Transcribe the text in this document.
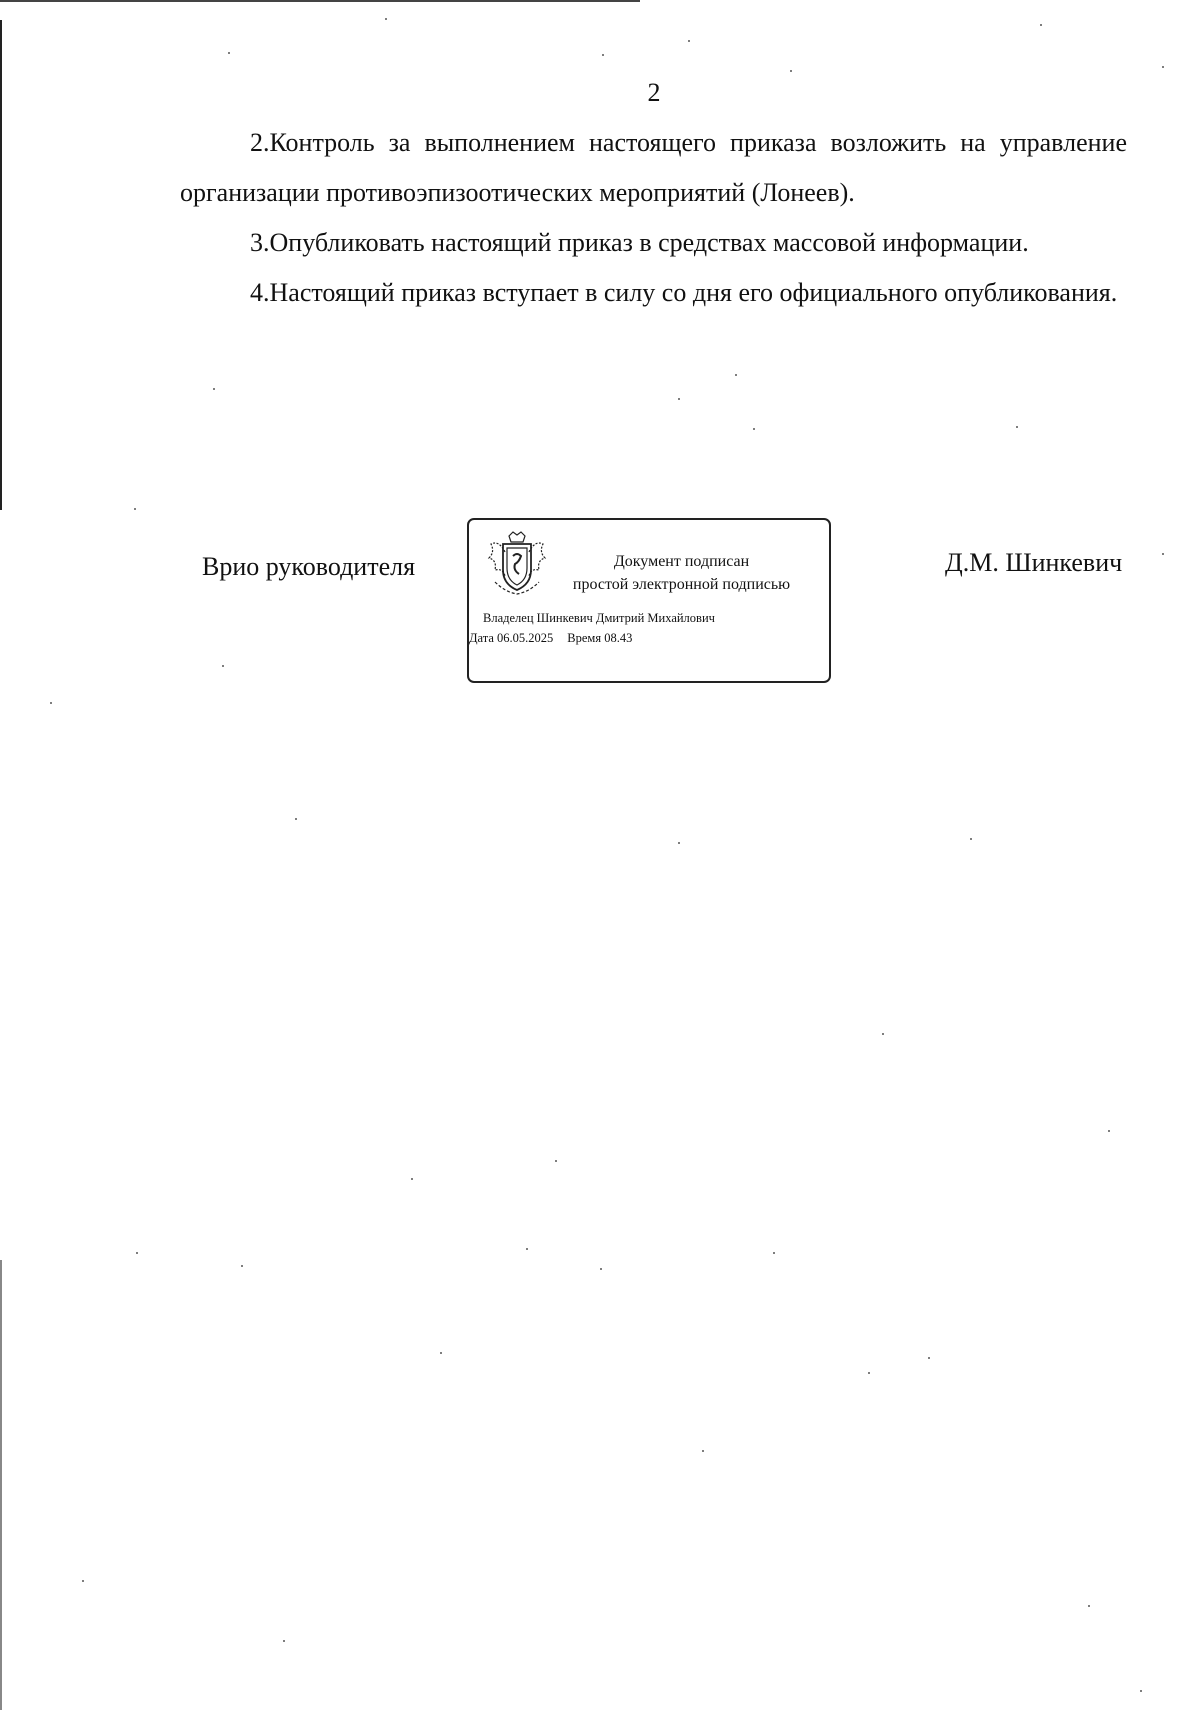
2

2.Контроль за выполнением настоящего приказа возложить на управление организации противоэпизоотических мероприятий (Лонеев).

3.Опубликовать настоящий приказ в средствах массовой информации.

4.Настоящий приказ вступает в силу со дня его официального опубликования.

Врио руководителя	Документ подписан
простой электронной подписью
Владелец Шинкевич Дмитрий Михайлович
Дата 06.05.2025 Время 08.43
Д.М. Шинкевич
